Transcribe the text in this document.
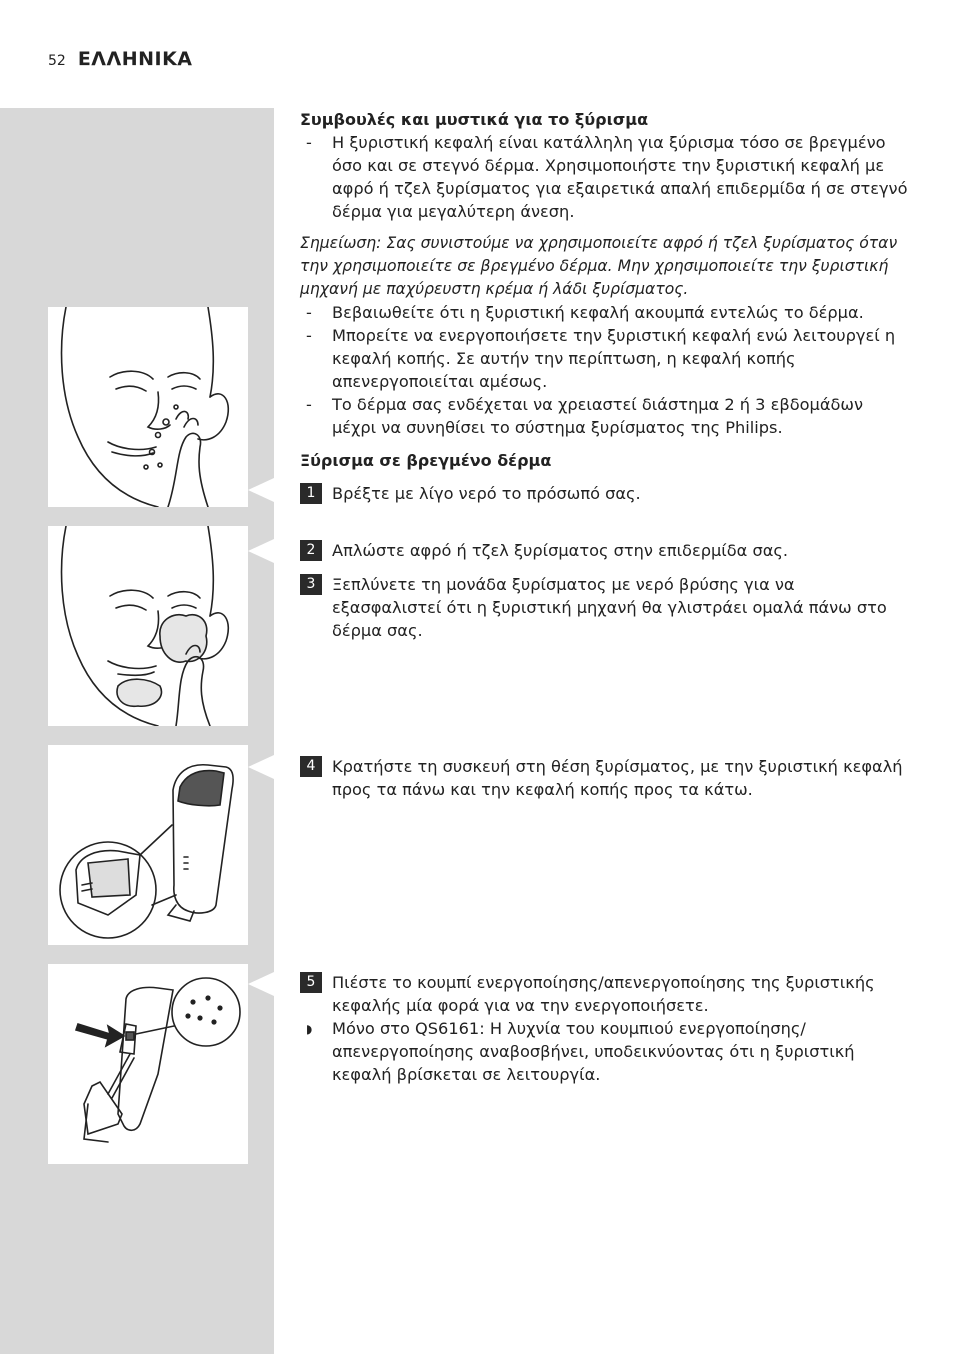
52 ΕΛΛΗΝΙΚΑ
Συμβουλές και μυστικά για το ξύρισμα
- Η ξυριστική κεφαλή είναι κατάλληλη για ξύρισμα τόσο σε βρεγμένο όσο και σε στεγνό δέρμα. Χρησιμοποιήστε την ξυριστική κεφαλή με αφρό ή τζελ ξυρίσματος για εξαιρετικά απαλή επιδερμίδα ή σε στεγνό δέρμα για μεγαλύτερη άνεση.
Σημείωση: Σας συνιστούμε να χρησιμοποιείτε αφρό ή τζελ ξυρίσματος όταν την χρησιμοποιείτε σε βρεγμένο δέρμα. Μην χρησιμοποιείτε την ξυριστική μηχανή με παχύρευστη κρέμα ή λάδι ξυρίσματος.
- Βεβαιωθείτε ότι η ξυριστική κεφαλή ακουμπά εντελώς το δέρμα.
- Μπορείτε να ενεργοποιήσετε την ξυριστική κεφαλή ενώ λειτουργεί η κεφαλή κοπής. Σε αυτήν την περίπτωση, η κεφαλή κοπής απενεργοποιείται αμέσως.
- Το δέρμα σας ενδέχεται να χρειαστεί διάστημα 2 ή 3 εβδομάδων μέχρι να συνηθίσει το σύστημα ξυρίσματος της Philips.
Ξύρισμα σε βρεγμένο δέρμα
1	Βρέξτε με λίγο νερό το πρόσωπό σας.
2	Απλώστε αφρό ή τζελ ξυρίσματος στην επιδερμίδα σας.
3	Ξεπλύνετε τη μονάδα ξυρίσματος με νερό βρύσης για να εξασφαλιστεί ότι η ξυριστική μηχανή θα γλιστράει ομαλά πάνω στο δέρμα σας.
4	Κρατήστε τη συσκευή στη θέση ξυρίσματος, με την ξυριστική κεφαλή προς τα πάνω και την κεφαλή κοπής προς τα κάτω.
5	Πιέστε το κουμπί ενεργοποίησης/απενεργοποίησης της ξυριστικής κεφαλής μία φορά για να την ενεργοποιήσετε.
◗ Μόνο στο QS6161: Η λυχνία του κουμπιού ενεργοποίησης/απενεργοποίησης αναβοσβήνει, υποδεικνύοντας ότι η ξυριστική κεφαλή βρίσκεται σε λειτουργία.
